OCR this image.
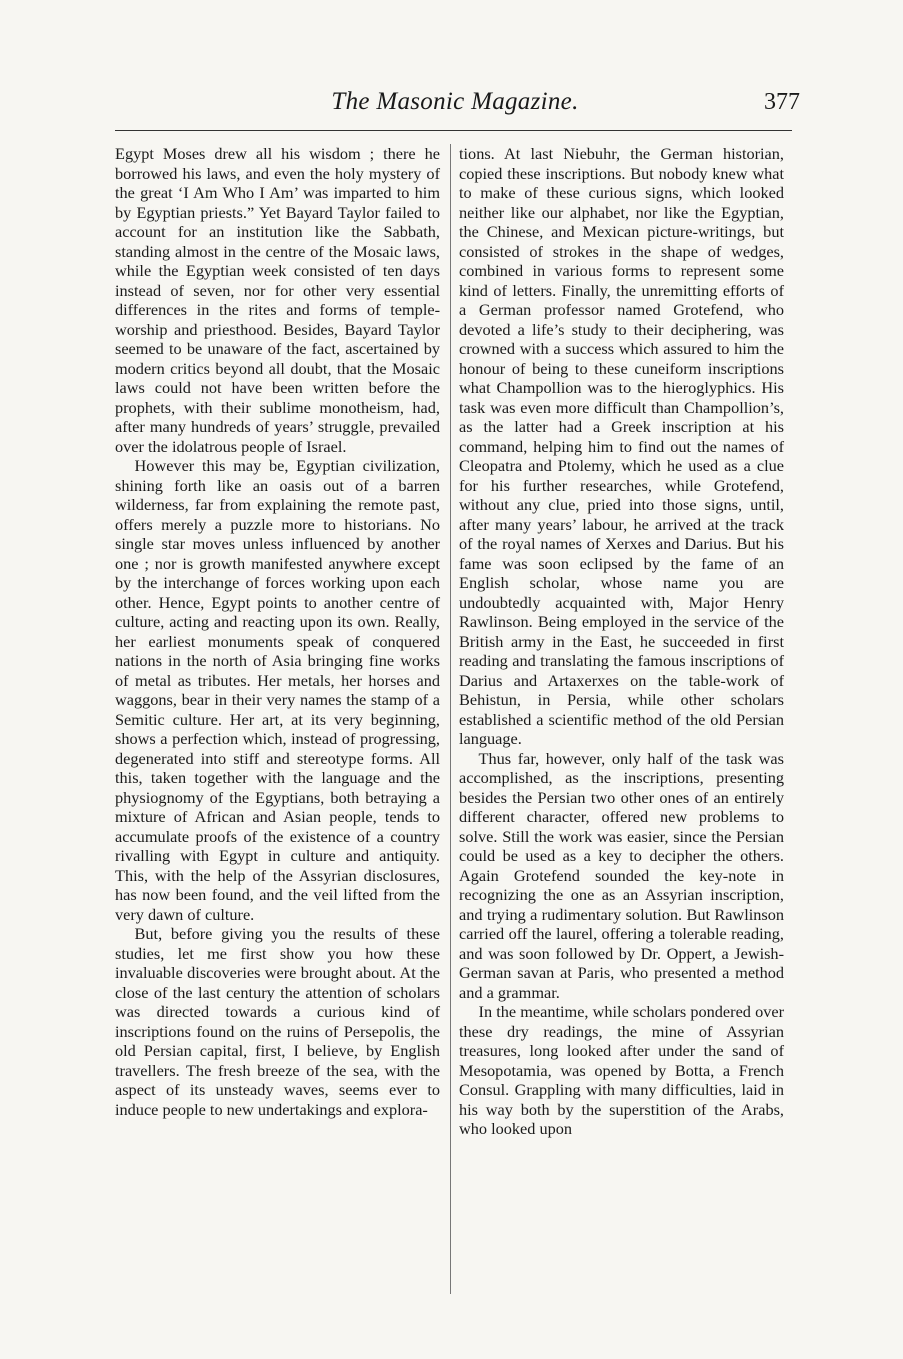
The Masonic Magazine.	377

Egypt Moses drew all his wisdom ; there he borrowed his laws, and even the holy mystery of the great ‘I Am Who I Am’ was imparted to him by Egyptian priests.” Yet Bayard Taylor failed to account for an institution like the Sabbath, standing almost in the centre of the Mosaic laws, while the Egyptian week consisted of ten days instead of seven, nor for other very essential differences in the rites and forms of temple-worship and priesthood. Besides, Bayard Taylor seemed to be unaware of the fact, ascertained by modern critics beyond all doubt, that the Mosaic laws could not have been written before the prophets, with their sublime monotheism, had, after many hundreds of years’ struggle, prevailed over the idolatrous people of Israel.

However this may be, Egyptian civilization, shining forth like an oasis out of a barren wilderness, far from explaining the remote past, offers merely a puzzle more to historians. No single star moves unless influenced by another one ; nor is growth manifested anywhere except by the interchange of forces working upon each other. Hence, Egypt points to another centre of culture, acting and reacting upon its own. Really, her earliest monuments speak of conquered nations in the north of Asia bringing fine works of metal as tributes. Her metals, her horses and waggons, bear in their very names the stamp of a Semitic culture. Her art, at its very beginning, shows a perfection which, instead of progressing, degenerated into stiff and stereotype forms. All this, taken together with the language and the physiognomy of the Egyptians, both betraying a mixture of African and Asian people, tends to accumulate proofs of the existence of a country rivalling with Egypt in culture and antiquity. This, with the help of the Assyrian disclosures, has now been found, and the veil lifted from the very dawn of culture.

But, before giving you the results of these studies, let me first show you how these invaluable discoveries were brought about. At the close of the last century the attention of scholars was directed towards a curious kind of inscriptions found on the ruins of Persepolis, the old Persian capital, first, I believe, by English travellers. The fresh breeze of the sea, with the aspect of its unsteady waves, seems ever to induce people to new undertakings and explora-

tions. At last Niebuhr, the German historian, copied these inscriptions. But nobody knew what to make of these curious signs, which looked neither like our alphabet, nor like the Egyptian, the Chinese, and Mexican picture-writings, but consisted of strokes in the shape of wedges, combined in various forms to represent some kind of letters. Finally, the unremitting efforts of a German professor named Grotefend, who devoted a life’s study to their deciphering, was crowned with a success which assured to him the honour of being to these cuneiform inscriptions what Champollion was to the hieroglyphics. His task was even more difficult than Champollion’s, as the latter had a Greek inscription at his command, helping him to find out the names of Cleopatra and Ptolemy, which he used as a clue for his further researches, while Grotefend, without any clue, pried into those signs, until, after many years’ labour, he arrived at the track of the royal names of Xerxes and Darius. But his fame was soon eclipsed by the fame of an English scholar, whose name you are undoubtedly acquainted with, Major Henry Rawlinson. Being employed in the service of the British army in the East, he succeeded in first reading and translating the famous inscriptions of Darius and Artaxerxes on the table-work of Behistun, in Persia, while other scholars established a scientific method of the old Persian language.

Thus far, however, only half of the task was accomplished, as the inscriptions, presenting besides the Persian two other ones of an entirely different character, offered new problems to solve. Still the work was easier, since the Persian could be used as a key to decipher the others. Again Grotefend sounded the key-note in recognizing the one as an Assyrian inscription, and trying a rudimentary solution. But Rawlinson carried off the laurel, offering a tolerable reading, and was soon followed by Dr. Oppert, a Jewish-German savan at Paris, who presented a method and a grammar.

In the meantime, while scholars pondered over these dry readings, the mine of Assyrian treasures, long looked after under the sand of Mesopotamia, was opened by Botta, a French Consul. Grappling with many difficulties, laid in his way both by the superstition of the Arabs, who looked upon
